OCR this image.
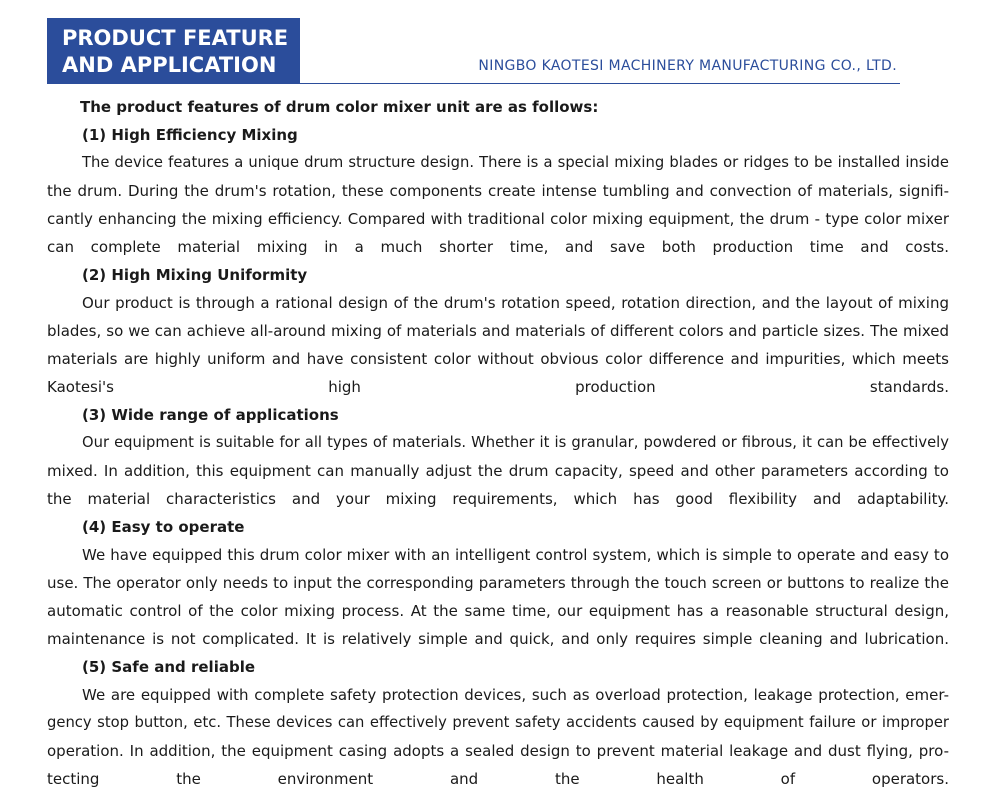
PRODUCT FEATURE
AND APPLICATION	NINGBO KAOTESI MACHINERY MANUFACTURING CO., LTD.
The product features of drum color mixer unit are as follows:
(1) High Efficiency Mixing
The device features a unique drum structure design. There is a special mixing blades or ridges to be installed inside
the drum. During the drum's rotation, these components create intense tumbling and convection of materials, signifi-
cantly enhancing the mixing efficiency. Compared with traditional color mixing equipment, the drum - type color mixer
can complete material mixing in a much shorter time, and save both production time and costs.
(2) High Mixing Uniformity
Our product is through a rational design of the drum's rotation speed, rotation direction, and the layout of mixing
blades, so we can achieve all-around mixing of materials and materials of different colors and particle sizes. The mixed
materials are highly uniform and have consistent color without obvious color difference and impurities, which meets
Kaotesi's high production standards.
(3) Wide range of applications
Our equipment is suitable for all types of materials. Whether it is granular, powdered or fibrous, it can be effectively
mixed. In addition, this equipment can manually adjust the drum capacity, speed and other parameters according to
the material characteristics and your mixing requirements, which has good flexibility and adaptability.
(4) Easy to operate
We have equipped this drum color mixer with an intelligent control system, which is simple to operate and easy to
use. The operator only needs to input the corresponding parameters through the touch screen or buttons to realize the
automatic control of the color mixing process. At the same time, our equipment has a reasonable structural design,
maintenance is not complicated. It is relatively simple and quick, and only requires simple cleaning and lubrication.
(5) Safe and reliable
We are equipped with complete safety protection devices, such as overload protection, leakage protection, emer-
gency stop button, etc. These devices can effectively prevent safety accidents caused by equipment failure or improper
operation. In addition, the equipment casing adopts a sealed design to prevent material leakage and dust flying, pro-
tecting the environment and the health of operators.
